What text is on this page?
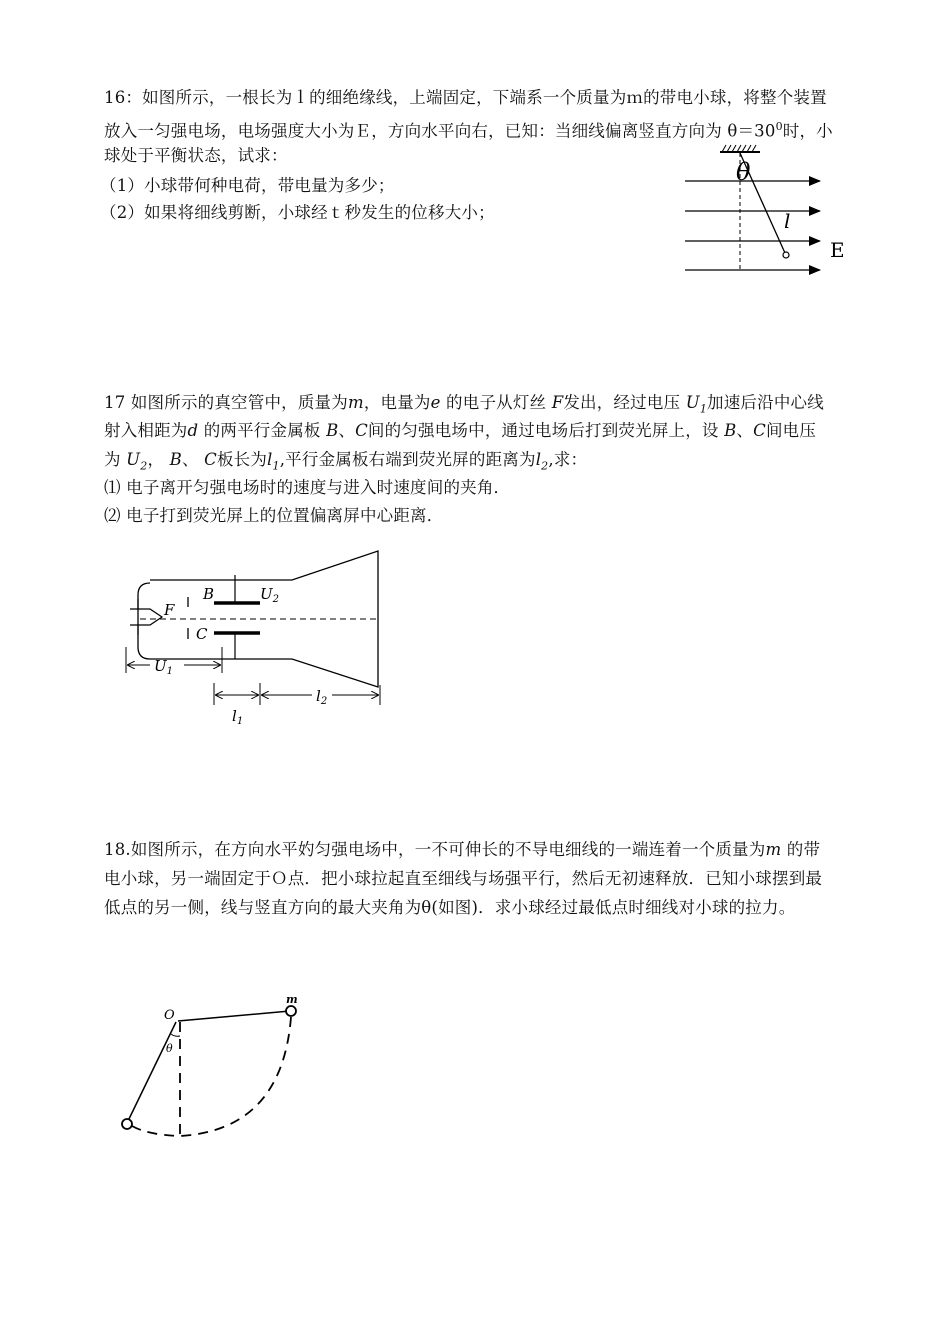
16：如图所示，一根长为ｌ的细绝缘线，上端固定，下端系一个质量为ｍ的带电小球，将整个装置
放入一匀强电场，电场强度大小为Ｅ，方向水平向右，已知：当细线偏离竖直方向为 $\theta=30^0$时，小
球处于平衡状态，试求：
（1）小球带何种电荷，带电量为多少；
（2）如果将细线剪断，小球经ｔ秒发生的位移大小；
θ
l
E
17 如图所示的真空管中，质量为m，电量为e 的电子从灯丝 F发出，经过电压 $U_1$加速后沿中心线
射入相距为d 的两平行金属板 B、C间的匀强电场中，通过电场后打到荧光屏上，设 B、C间电压
为 $U_2$， B、 C板长为$l_1$,平行金属板右端到荧光屏的距离为$l_2$,求：
⑴ 电子离开匀强电场时的速度与进入时速度间的夹角．
⑵ 电子打到荧光屏上的位置偏离屏中心距离．
B
C
F
$U_2$
$U_1$
$l_1$
$l_2$
18.如图所示，在方向水平妁匀强电场中，一不可伸长的不导电细线的一端连着一个质量为m 的带
电小球，另一端固定于Ｏ点．把小球拉起直至细线与场强平行，然后无初速释放．已知小球摆到最
低点的另一侧，线与竖直方向的最大夹角为θ(如图)．求小球经过最低点时细线对小球的拉力。
O
m
θ
